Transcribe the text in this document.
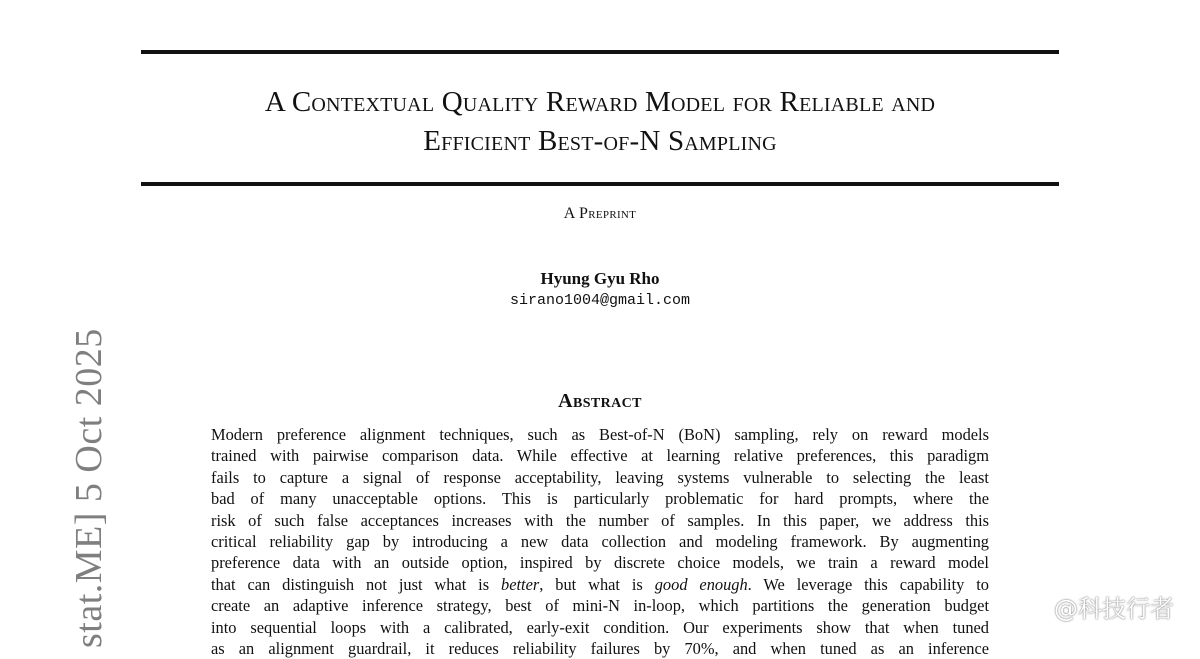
A Contextual Quality Reward Model for Reliable and
Efficient Best-of-N Sampling
A Preprint
Hyung Gyu Rho
sirano1004@gmail.com
Abstract
Modern preference alignment techniques, such as Best-of-N (BoN) sampling, rely on reward models
trained with pairwise comparison data. While effective at learning relative preferences, this paradigm
fails to capture a signal of response acceptability, leaving systems vulnerable to selecting the least
bad of many unacceptable options. This is particularly problematic for hard prompts, where the
risk of such false acceptances increases with the number of samples. In this paper, we address this
critical reliability gap by introducing a new data collection and modeling framework. By augmenting
preference data with an outside option, inspired by discrete choice models, we train a reward model
that can distinguish not just what is better, but what is good enough. We leverage this capability to
create an adaptive inference strategy, best of mini-N in-loop, which partitions the generation budget
into sequential loops with a calibrated, early-exit condition. Our experiments show that when tuned
as an alignment guardrail, it reduces reliability failures by 70%, and when tuned as an inference
stat.ME] 5 Oct 2025	@科技行者
